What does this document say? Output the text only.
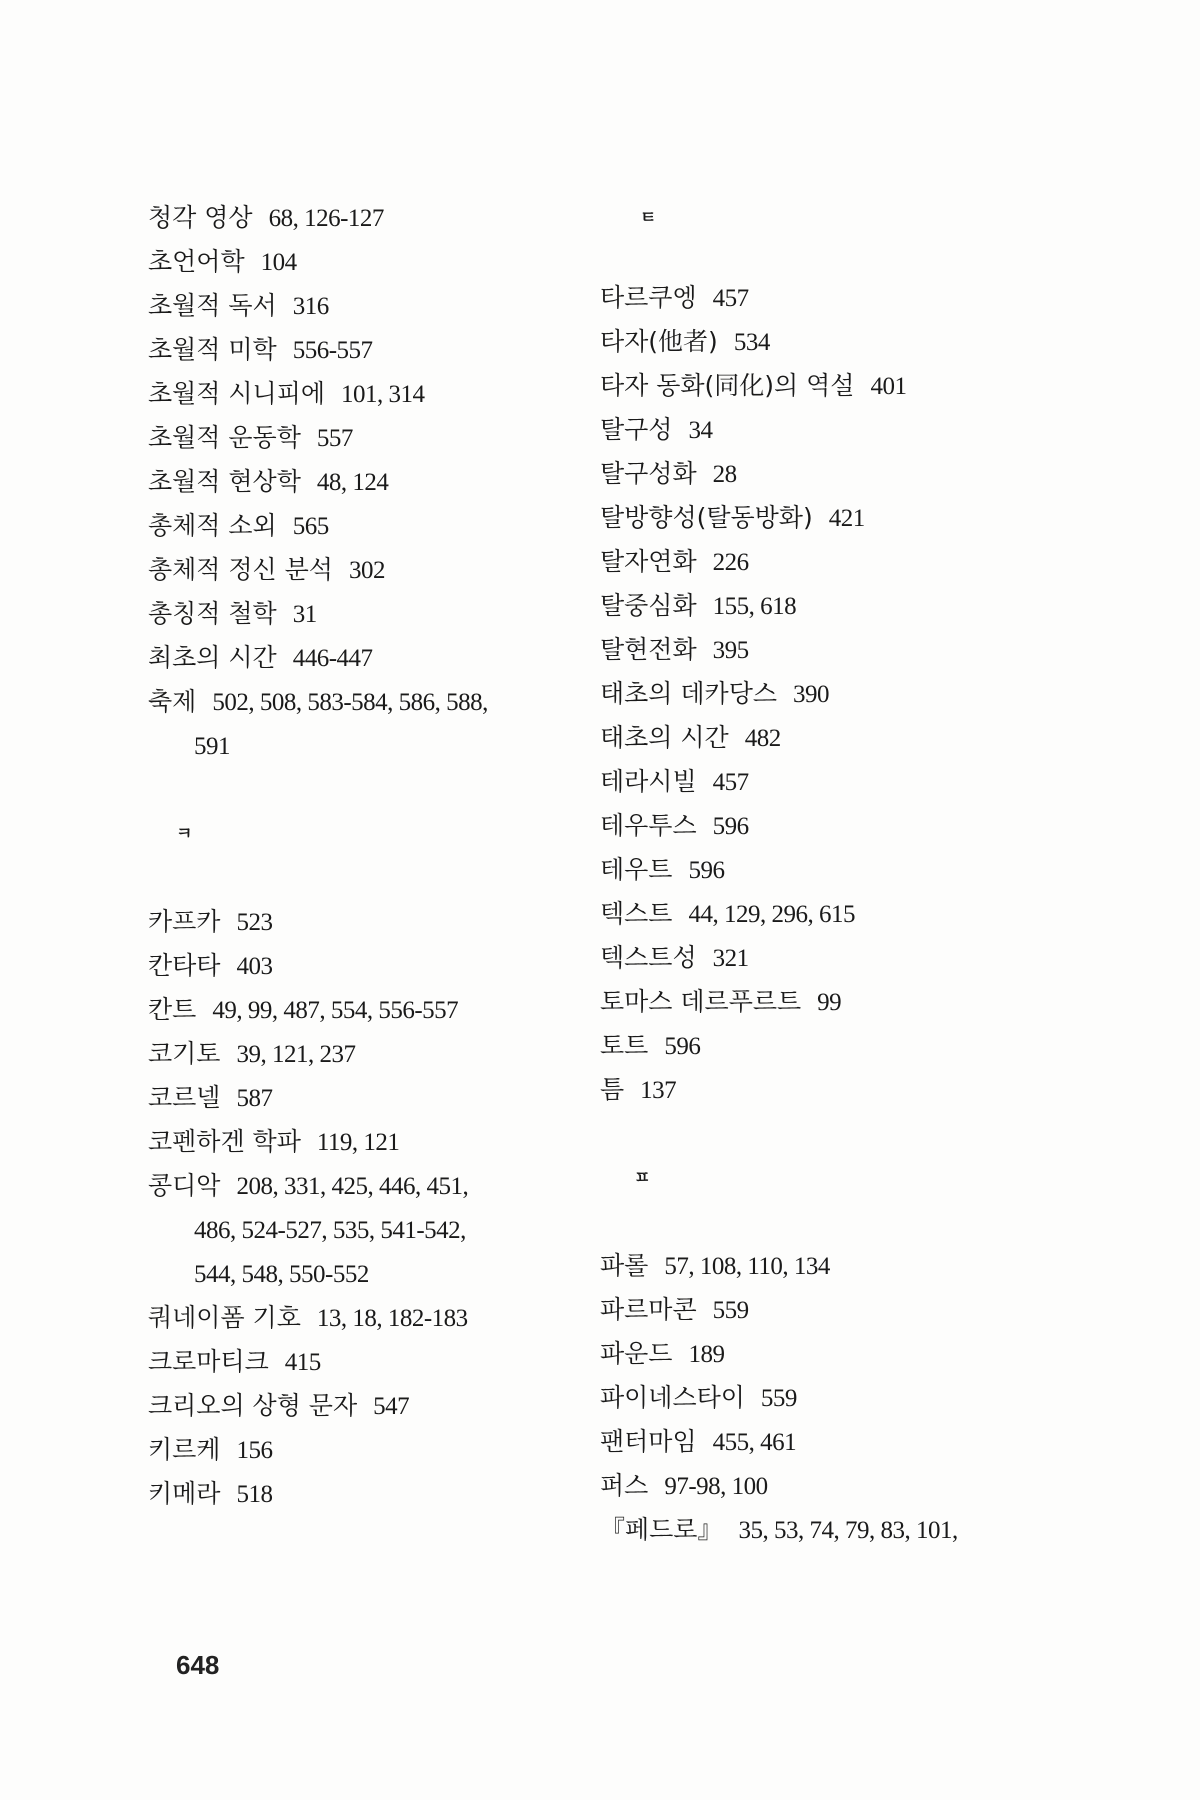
청각 영상 68, 126-127
초언어학 104
초월적 독서 316
초월적 미학 556-557
초월적 시니피에 101, 314
초월적 운동학 557
초월적 현상학 48, 124
총체적 소외 565
총체적 정신 분석 302
총칭적 철학 31
최초의 시간 446-447
축제 502, 508, 583-584, 586, 588,
591
ㅋ
카프카 523
칸타타 403
칸트 49, 99, 487, 554, 556-557
코기토 39, 121, 237
코르넬 587
코펜하겐 학파 119, 121
콩디악 208, 331, 425, 446, 451,
486, 524-527, 535, 541-542,
544, 548, 550-552
쿼네이폼 기호 13, 18, 182-183
크로마티크 415
크리오의 상형 문자 547
키르케 156
키메라 518
ㅌ
타르쿠엥 457
타자(他者) 534
타자 동화(同化)의 역설 401
탈구성 34
탈구성화 28
탈방향성(탈동방화) 421
탈자연화 226
탈중심화 155, 618
탈현전화 395
태초의 데카당스 390
태초의 시간 482
테라시빌 457
테우투스 596
테우트 596
텍스트 44, 129, 296, 615
텍스트성 321
토마스 데르푸르트 99
토트 596
틈 137
ㅍ
파롤 57, 108, 110, 134
파르마콘 559
파운드 189
파이네스타이 559
팬터마임 455, 461
퍼스 97-98, 100
『페드로』 35, 53, 74, 79, 83, 101,
648
